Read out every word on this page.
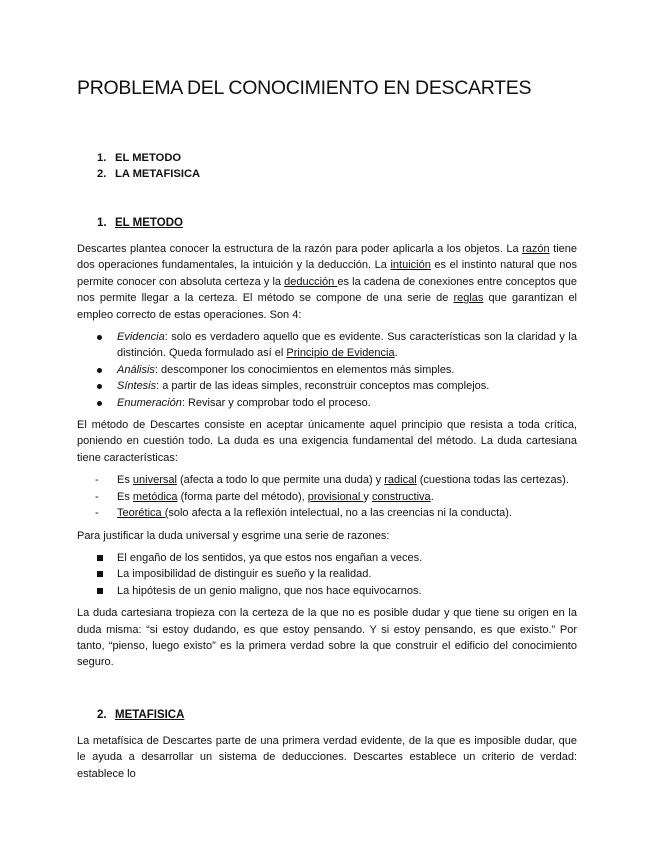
PROBLEMA DEL CONOCIMIENTO EN DESCARTES
1. EL METODO
2. LA METAFISICA
1. EL METODO

Descartes plantea conocer la estructura de la razón para poder aplicarla a los objetos. La razón tiene dos operaciones fundamentales, la intuición y la deducción. La intuición es el instinto natural que nos permite conocer con absoluta certeza y la deducción es la cadena de conexiones entre conceptos que nos permite llegar a la certeza. El método se compone de una serie de reglas que garantizan el empleo correcto de estas operaciones. Son 4:

Evidencia: solo es verdadero aquello que es evidente. Sus características son la claridad y la distinción. Queda formulado así el Principio de Evidencia.
Análisis: descomponer los conocimientos en elementos más simples.
Síntesis: a partir de las ideas simples, reconstruir conceptos mas complejos.
Enumeración: Revisar y comprobar todo el proceso.

El método de Descartes consiste en aceptar únicamente aquel principio que resista a toda crítica, poniendo en cuestión todo. La duda es una exigencia fundamental del método. La duda cartesiana tiene características:

- Es universal (afecta a todo lo que permite una duda) y radical (cuestiona todas las certezas).
- Es metódica (forma parte del método), provisional y constructiva.
- Teorética (solo afecta a la reflexión intelectual, no a las creencias ni la conducta).

Para justificar la duda universal y esgrime una serie de razones:

El engaño de los sentidos, ya que estos nos engañan a veces.
La imposibilidad de distinguir es sueño y la realidad.
La hipótesis de un genio maligno, que nos hace equivocarnos.

La duda cartesiana tropieza con la certeza de la que no es posible dudar y que tiene su origen en la duda misma: “si estoy dudando, es que estoy pensando. Y si estoy pensando, es que existo.” Por tanto, “pienso, luego existo” es la primera verdad sobre la que construir el edificio del conocimiento seguro.

2. METAFISICA

La metafísica de Descartes parte de una primera verdad evidente, de la que es imposible dudar, que le ayuda a desarrollar un sistema de deducciones. Descartes establece un criterio de verdad: establece lo
